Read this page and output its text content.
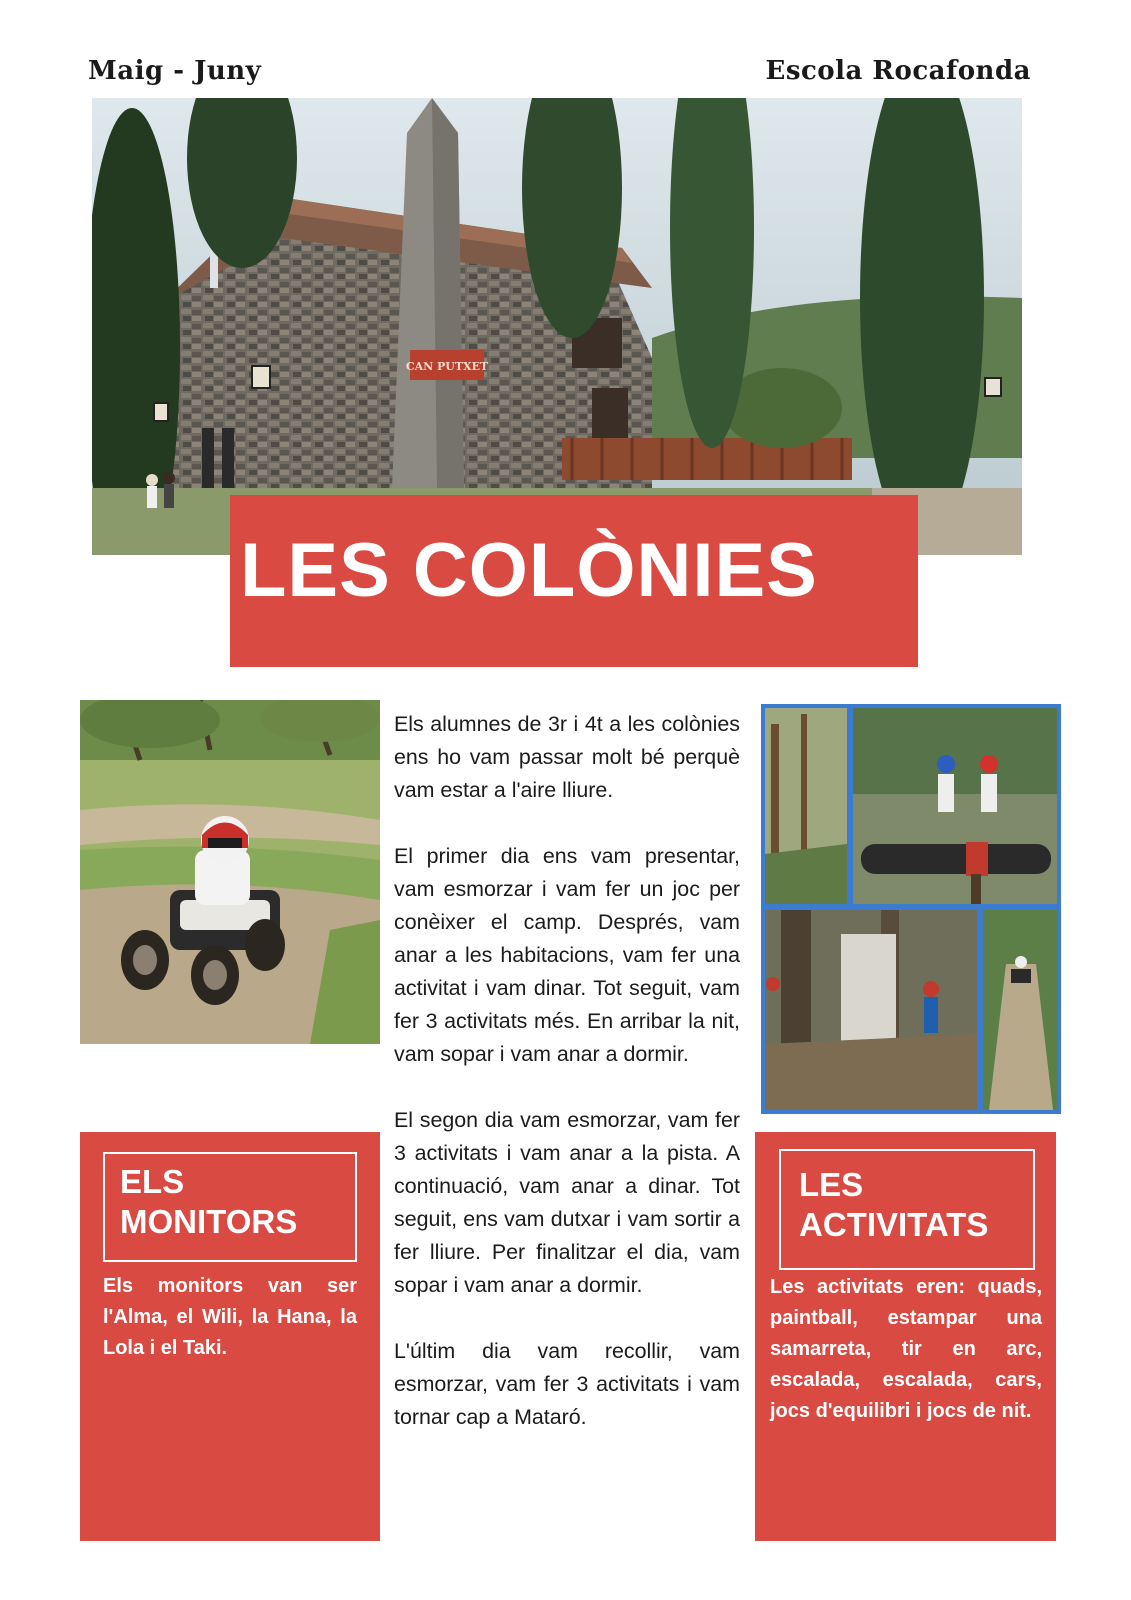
Maig - Juny	Escola Rocafonda
CAN PUTXET
LES COLÒNIES

Els alumnes de 3r i 4t a les colònies ens ho vam passar molt bé perquè vam estar a l'aire lliure.

El primer dia ens vam presentar, vam esmorzar i vam fer un joc per conèixer el camp. Després, vam anar a les habitacions, vam fer una activitat i vam dinar. Tot seguit, vam fer 3 activitats més. En arribar la nit, vam sopar i vam anar a dormir.

El segon dia vam esmorzar, vam fer 3 activitats i vam anar a la pista. A continuació, vam anar a dinar. Tot seguit, ens vam dutxar i vam sortir a fer lliure. Per finalitzar el dia, vam sopar i vam anar a dormir.

L'últim dia vam recollir, vam esmorzar, vam fer 3 activitats i vam tornar cap a Mataró.

ELS MONITORS
Els monitors van ser l'Alma, el Wili, la Hana, la Lola i el Taki.
LES ACTIVITATS
Les activitats eren: quads, paintball, estampar una samarreta, tir en arc, escalada, escalada, cars, jocs d'equilibri i jocs de nit.
